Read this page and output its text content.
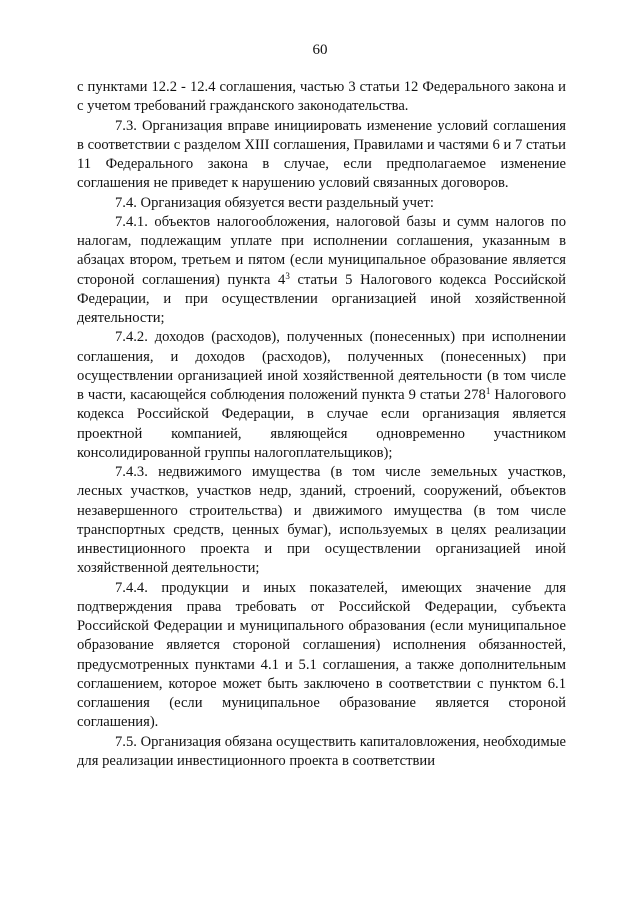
60

с пунктами 12.2 - 12.4 соглашения, частью 3 статьи 12 Федерального закона и с учетом требований гражданского законодательства.

7.3. Организация вправе инициировать изменение условий соглашения в соответствии с разделом XIII соглашения, Правилами и частями 6 и 7 статьи 11 Федерального закона в случае, если предполагаемое изменение соглашения не приведет к нарушению условий связанных договоров.

7.4. Организация обязуется вести раздельный учет:

7.4.1. объектов налогообложения, налоговой базы и сумм налогов по налогам, подлежащим уплате при исполнении соглашения, указанным в абзацах втором, третьем и пятом (если муниципальное образование является стороной соглашения) пункта $4^3$ статьи 5 Налогового кодекса Российской Федерации, и при осуществлении организацией иной хозяйственной деятельности;

7.4.2. доходов (расходов), полученных (понесенных) при исполнении соглашения, и доходов (расходов), полученных (понесенных) при осуществлении организацией иной хозяйственной деятельности (в том числе в части, касающейся соблюдения положений пункта 9 статьи $278^1$ Налогового кодекса Российской Федерации, в случае если организация является проектной компанией, являющейся одновременно участником консолидированной группы налогоплательщиков);

7.4.3. недвижимого имущества (в том числе земельных участков, лесных участков, участков недр, зданий, строений, сооружений, объектов незавершенного строительства) и движимого имущества (в том числе транспортных средств, ценных бумаг), используемых в целях реализации инвестиционного проекта и при осуществлении организацией иной хозяйственной деятельности;

7.4.4. продукции и иных показателей, имеющих значение для подтверждения права требовать от Российской Федерации, субъекта Российской Федерации и муниципального образования (если муниципальное образование является стороной соглашения) исполнения обязанностей, предусмотренных пунктами 4.1 и 5.1 соглашения, а также дополнительным соглашением, которое может быть заключено в соответствии с пунктом 6.1 соглашения (если муниципальное образование является стороной соглашения).

7.5. Организация обязана осуществить капиталовложения, необходимые для реализации инвестиционного проекта в соответствии
